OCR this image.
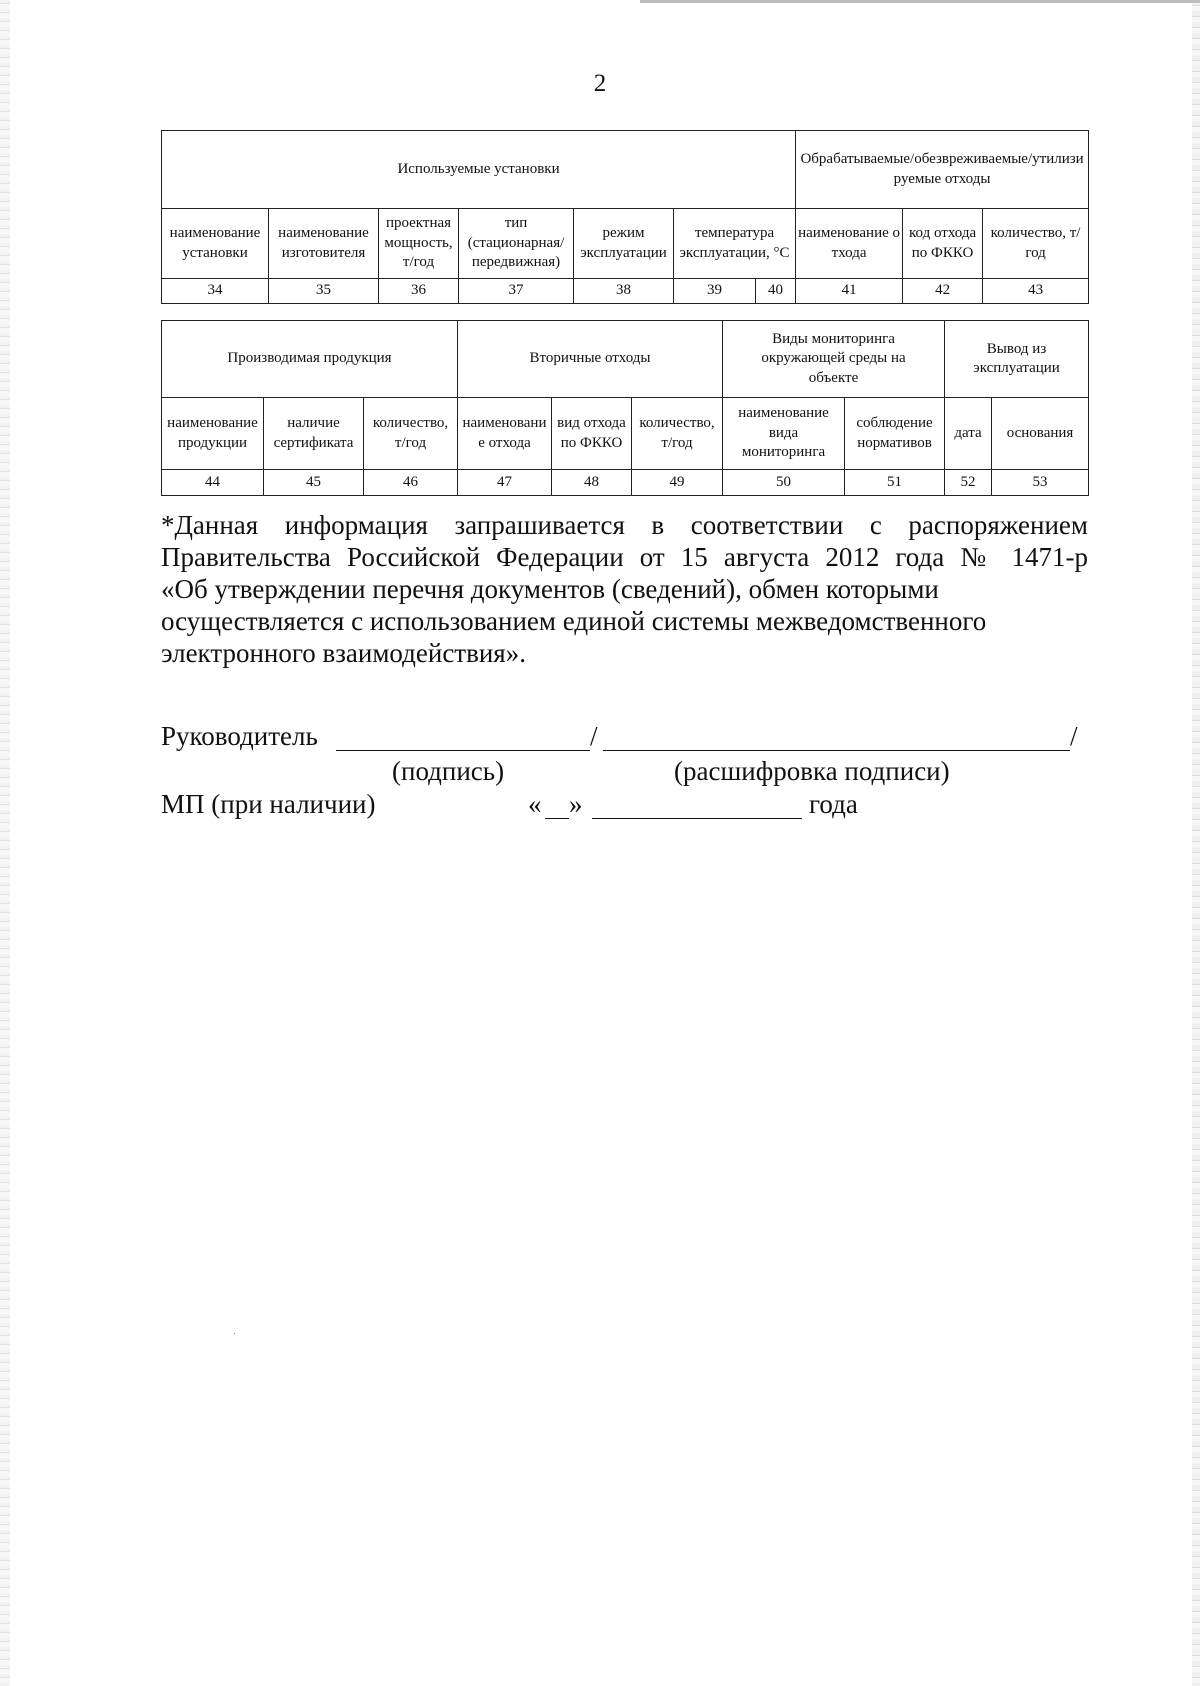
2
Используемые установки							Обрабатываемые/обезвреживаемые/утилизируемые отходы		
наименование установки	наименование изготовителя	проектная мощность, т/год	тип (стационарная/ передвижная)	режим эксплуатации	температура эксплуатации, °С		наименование отхода	код отхода по ФККО	количество, т/год
34	35	36	37	38	39	40	41	42	43
Производимая продукция			Вторичные отходы			Виды мониторинга окружающей среды на объекте		Вывод из эксплуатации	
наименование продукции	наличие сертификата	количество, т/год	наименование отхода	вид отхода по ФККО	количество, т/год	наименование вида мониторинга	соблюдение нормативов	дата	основания
44	45	46	47	48	49	50	51	52	53

*Данная информация запрашивается в соответствии с распоряжением

Правительства Российской Федерации от 15 августа 2012 года № 1471-р

«Об утверждении перечня документов (сведений), обмен которыми

осуществляется с использованием единой системы межведомственного

электронного взаимодействия».

Руководитель	/	/
(подпись)	(расшифровка подписи)
МП (при наличии)	« »	года
